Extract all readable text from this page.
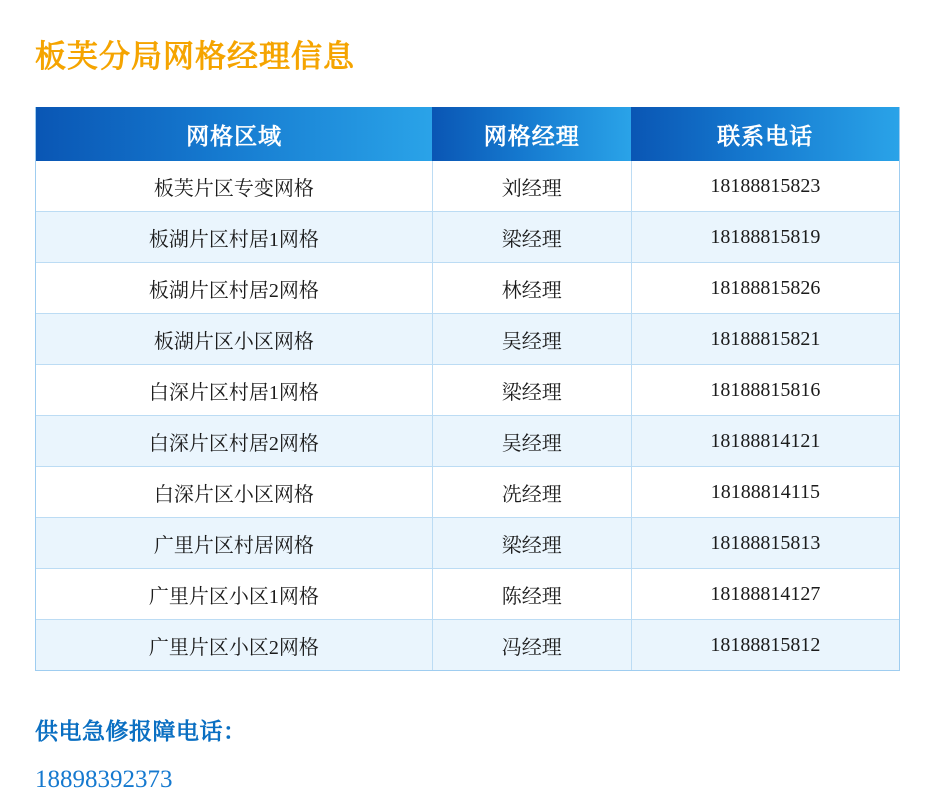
板芙分局网格经理信息
网格区域	网格经理	联系电话
板芙片区专变网格	刘经理	18188815823
板湖片区村居1网格	梁经理	18188815819
板湖片区村居2网格	林经理	18188815826
板湖片区小区网格	吴经理	18188815821
白深片区村居1网格	梁经理	18188815816
白深片区村居2网格	吴经理	18188814121
白深片区小区网格	冼经理	18188814115
广里片区村居网格	梁经理	18188815813
广里片区小区1网格	陈经理	18188814127
广里片区小区2网格	冯经理	18188815812
供电急修报障电话：
18898392373
